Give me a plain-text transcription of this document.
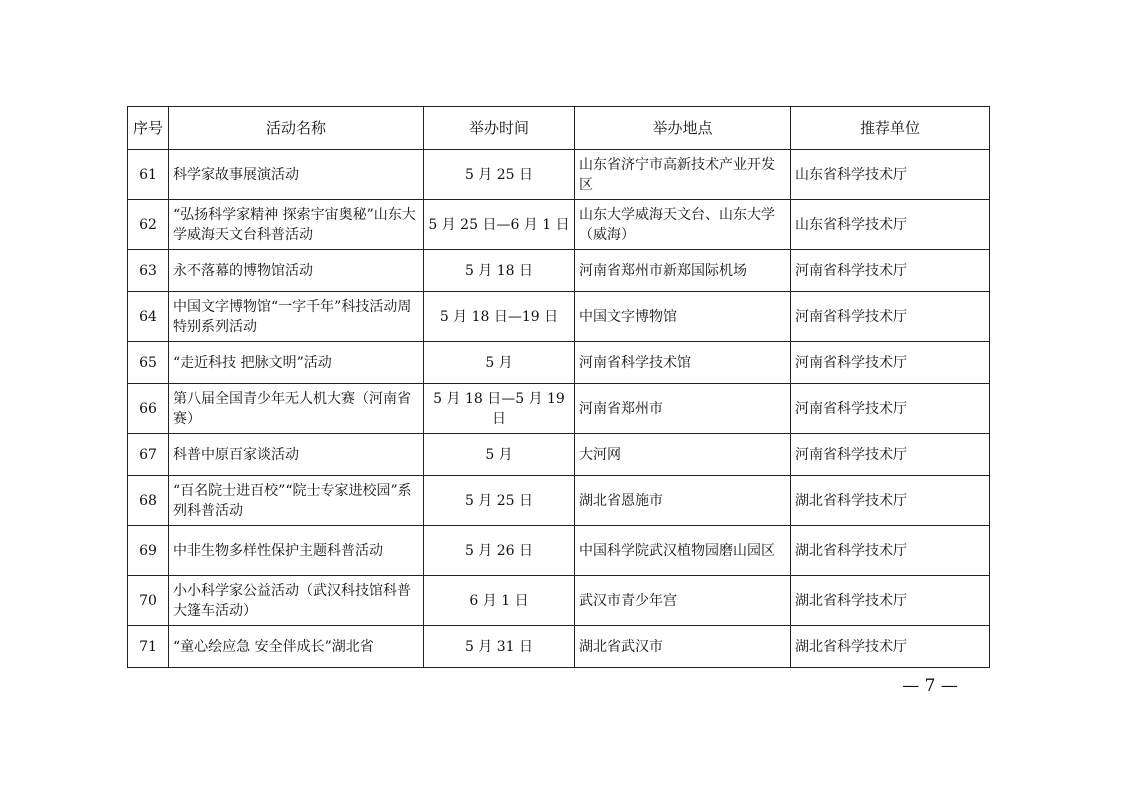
序号	活动名称	举办时间	举办地点	推荐单位
61	科学家故事展演活动	5 月 25 日	山东省济宁市高新技术产业开发区	山东省科学技术厅
62	“弘扬科学家精神 探索宇宙奥秘”山东大学威海天文台科普活动	5 月 25 日—6 月 1 日	山东大学威海天文台、山东大学（威海）	山东省科学技术厅
63	永不落幕的博物馆活动	5 月 18 日	河南省郑州市新郑国际机场	河南省科学技术厅
64	中国文字博物馆“一字千年”科技活动周特别系列活动	5 月 18 日—19 日	中国文字博物馆	河南省科学技术厅
65	“走近科技 把脉文明”活动	5 月	河南省科学技术馆	河南省科学技术厅
66	第八届全国青少年无人机大赛（河南省赛）	5 月 18 日—5 月 19 日	河南省郑州市	河南省科学技术厅
67	科普中原百家谈活动	5 月	大河网	河南省科学技术厅
68	“百名院士进百校”“院士专家进校园”系列科普活动	5 月 25 日	湖北省恩施市	湖北省科学技术厅
69	中非生物多样性保护主题科普活动	5 月 26 日	中国科学院武汉植物园磨山园区	湖北省科学技术厅
70	小小科学家公益活动（武汉科技馆科普大篷车活动）	6 月 1 日	武汉市青少年宫	湖北省科学技术厅
71	“童心绘应急 安全伴成长”湖北省	5 月 31 日	湖北省武汉市	湖北省科学技术厅
— 7 —
